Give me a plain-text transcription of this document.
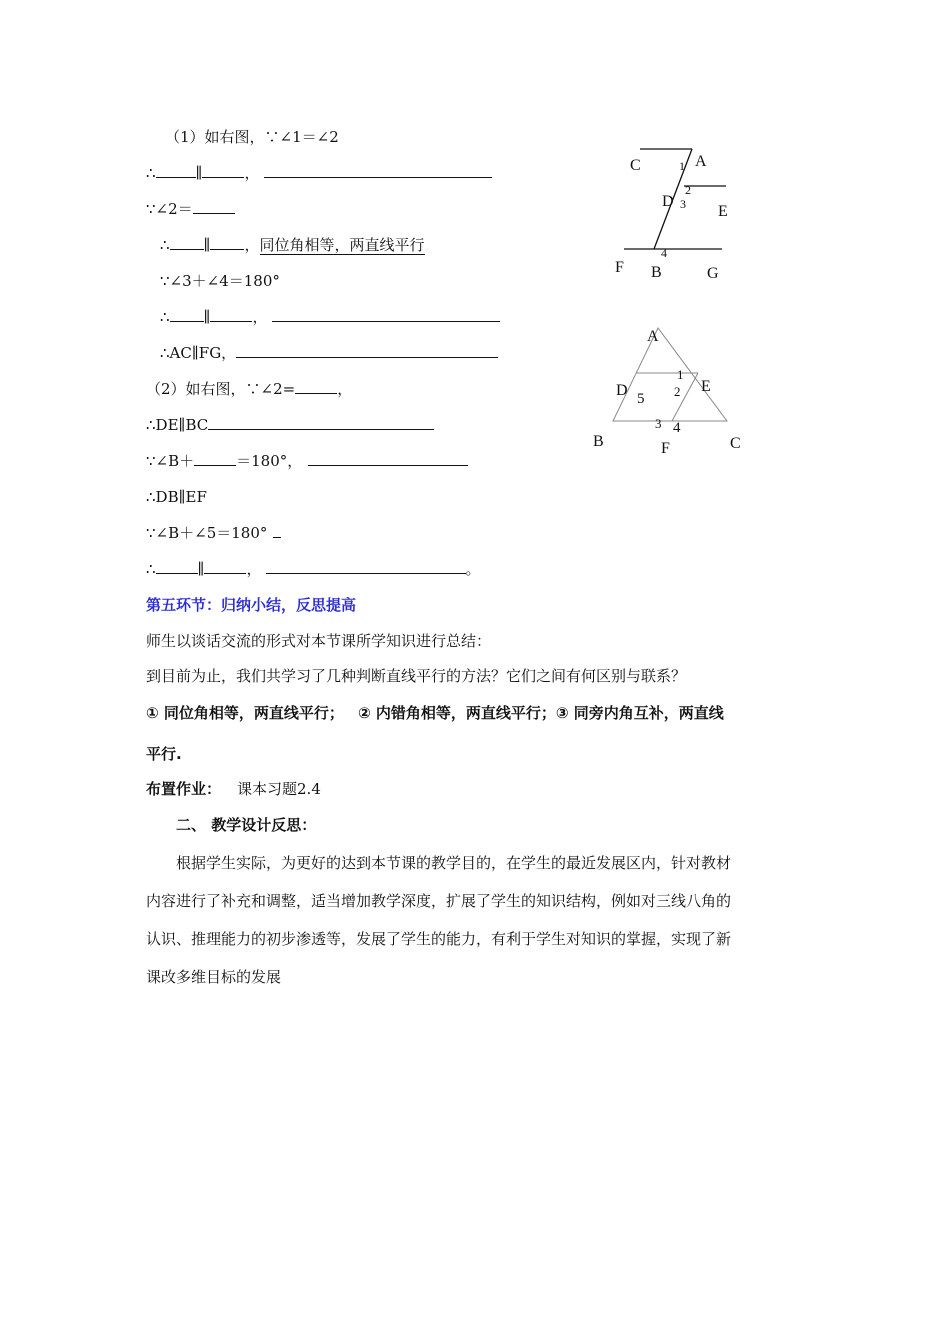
（1）如右图，∵∠1＝∠2
∴	∥	，
∵∠2＝
∴ ∥ ，同位角相等，两直线平行
∵∠3＋∠4＝180°
∴ ∥	，
∴AC∥FG，
（2）如右图，∵∠2=	，
∴DE∥BC
∵∠B＋	＝180°，
∴DB∥EF
∵∠B＋∠5＝180°
∴	∥	，	。
第五环节：归纳小结，反思提高
师生以谈话交流的形式对本节课所学知识进行总结：
到目前为止，我们共学习了几种判断直线平行的方法？它们之间有何区别与联系？
① 同位角相等，两直线平行； ② 内错角相等，两直线平行；③ 同旁内角互补，两直线
平行.
布置作业： 课本习题2.4
二、 教学设计反思：
根据学生实际，为更好的达到本节课的教学目的，在学生的最近发展区内，针对教材
内容进行了补充和调整，适当增加教学深度，扩展了学生的知识结构，例如对三线八角的
认识、推理能力的初步渗透等，发展了学生的能力，有利于学生对知识的掌握，实现了新
课改多维目标的发展
C	A
D
E
F B	G
1
2
3
4
A
D	E
B	F	C
1
2
3 4
5
